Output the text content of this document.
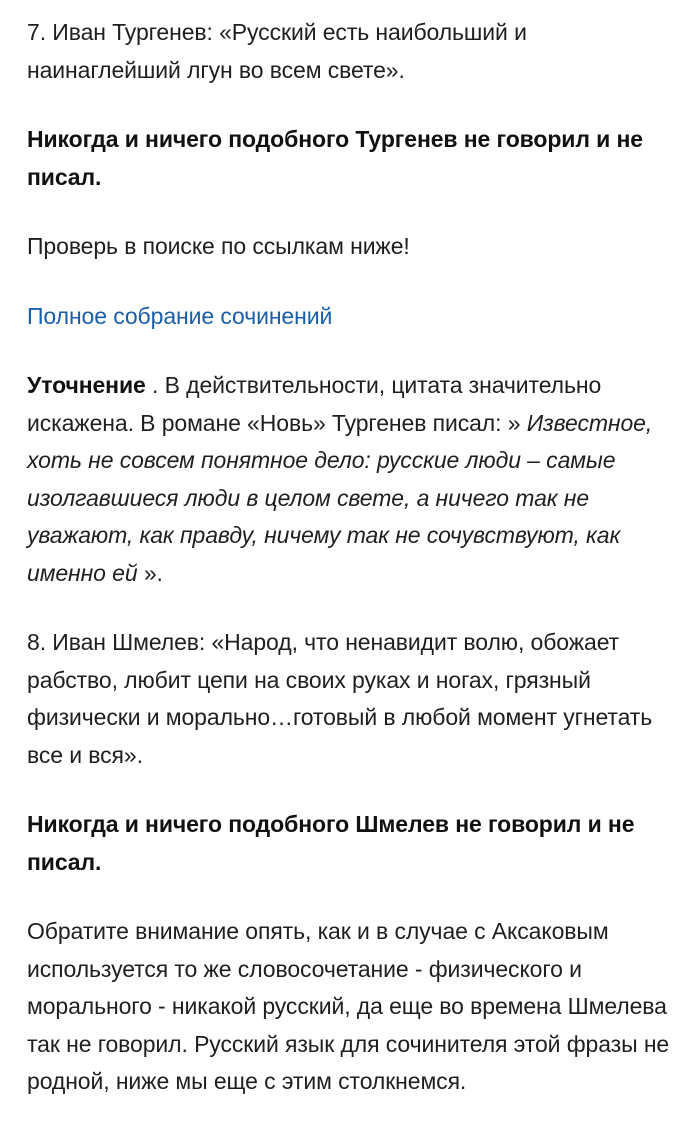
7. Иван Тургенев: «Русский есть наибольший и наинаглейший лгун во всем свете».

Никогда и ничего подобного Тургенев не говорил и не писал.

Проверь в поиске по ссылкам ниже!

Полное собрание сочинений

Уточнение . В действительности, цитата значительно искажена. В романе «Новь» Тургенев писал: » Известное, хоть не совсем понятное дело: русские люди – самые изолгавшиеся люди в целом свете, а ничего так не уважают, как правду, ничему так не сочувствуют, как именно ей ».

8. Иван Шмелев: «Народ, что ненавидит волю, обожает рабство, любит цепи на своих руках и ногах, грязный физически и морально…готовый в любой момент угнетать все и вся».

Никогда и ничего подобного Шмелев не говорил и не писал.

Обратите внимание опять, как и в случае с Аксаковым используется то же словосочетание - физического и морального - никакой русский, да еще во времена Шмелева так не говорил. Русский язык для сочинителя этой фразы не родной, ниже мы еще с этим столкнемся.
